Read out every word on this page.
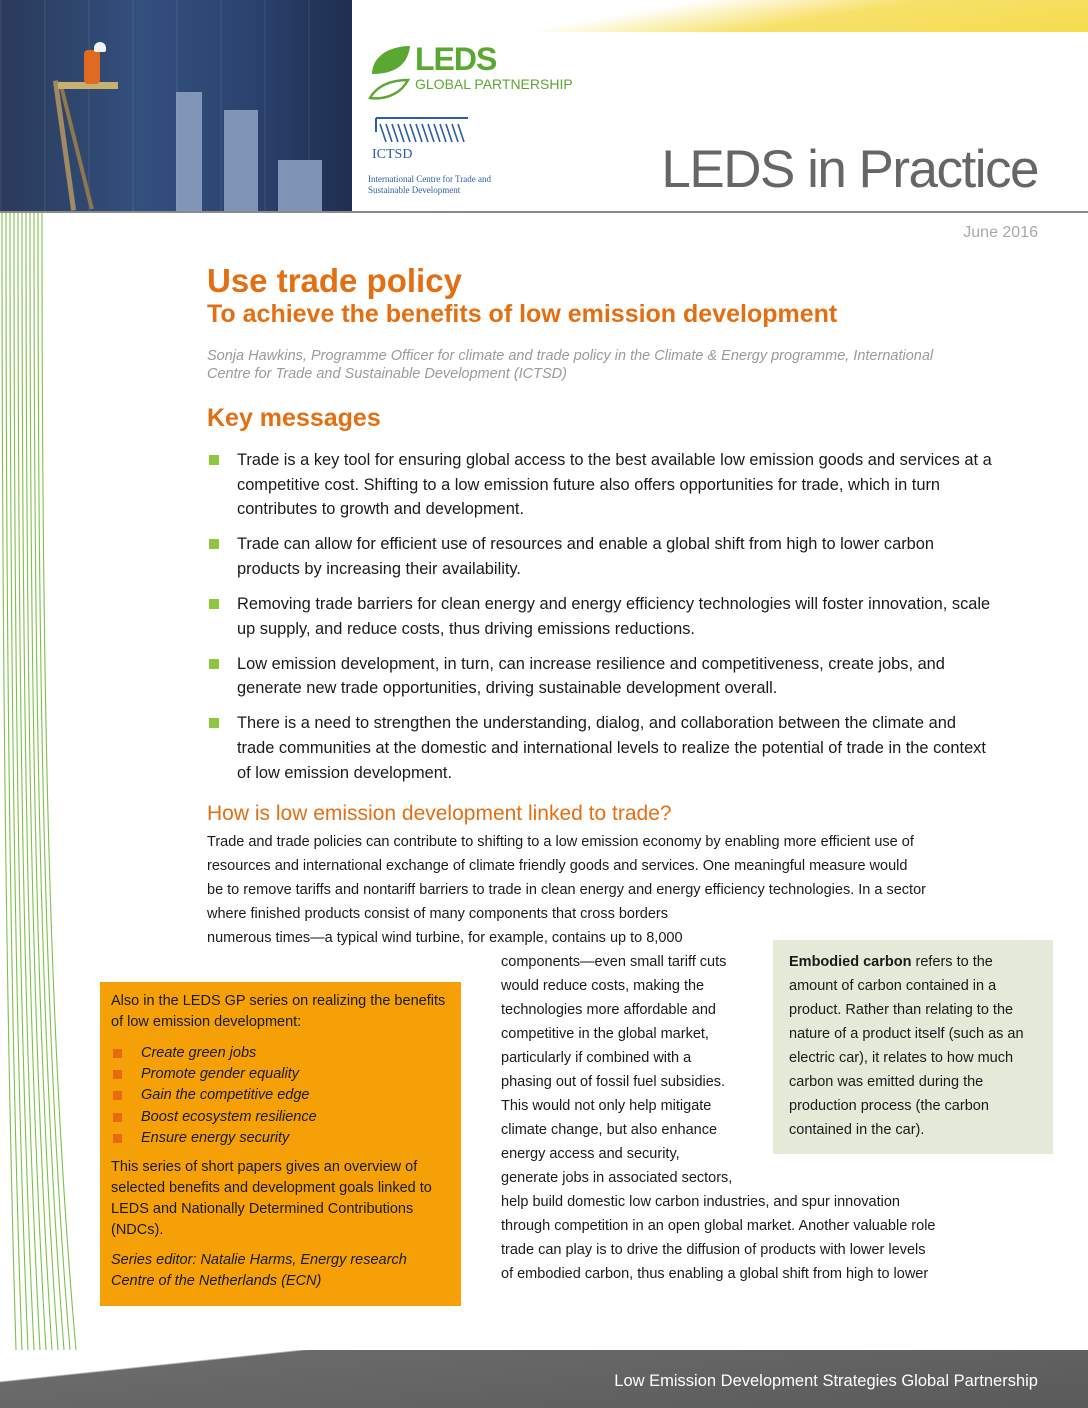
LEDS
GLOBAL PARTNERSHIP
ICTSD
International Centre for Trade and Sustainable Development	LEDS in Practice
June 2016
Use trade policy
To achieve the benefits of low emission development
Sonja Hawkins, Programme Officer for climate and trade policy in the Climate & Energy programme, International Centre for Trade and Sustainable Development (ICTSD)
Key messages
Trade is a key tool for ensuring global access to the best available low emission goods and services at a competitive cost. Shifting to a low emission future also offers opportunities for trade, which in turn contributes to growth and development.
Trade can allow for efficient use of resources and enable a global shift from high to lower carbon products by increasing their availability.
Removing trade barriers for clean energy and energy efficiency technologies will foster innovation, scale up supply, and reduce costs, thus driving emissions reductions.
Low emission development, in turn, can increase resilience and competitiveness, create jobs, and generate new trade opportunities, driving sustainable development overall.
There is a need to strengthen the understanding, dialog, and collaboration between the climate and trade communities at the domestic and international levels to realize the potential of trade in the context of low emission development.
How is low emission development linked to trade?
Trade and trade policies can contribute to shifting to a low emission economy by enabling more efficient use of
resources and international exchange of climate friendly goods and services. One meaningful measure would
be to remove tariffs and nontariff barriers to trade in clean energy and energy efficiency technologies. In a sector
where finished products consist of many components that cross borders
numerous times—a typical wind turbine, for example, contains up to 8,000
components—even small tariff cuts
would reduce costs, making the
technologies more affordable and
competitive in the global market,
particularly if combined with a
phasing out of fossil fuel subsidies.
This would not only help mitigate
climate change, but also enhance
energy access and security,
generate jobs in associated sectors,
help build domestic low carbon industries, and spur innovation
through competition in an open global market. Another valuable role
trade can play is to drive the diffusion of products with lower levels
of embodied carbon, thus enabling a global shift from high to lower
Also in the LEDS GP series on realizing the benefits of low emission development:
Create green jobs
Promote gender equality
Gain the competitive edge
Boost ecosystem resilience
Ensure energy security
This series of short papers gives an overview of selected benefits and development goals linked to LEDS and Nationally Determined Contributions (NDCs).
Series editor: Natalie Harms, Energy research Centre of the Netherlands (ECN)
Embodied carbon refers to the amount of carbon contained in a product. Rather than relating to the nature of a product itself (such as an electric car), it relates to how much carbon was emitted during the production process (the carbon contained in the car).
Low Emission Development Strategies Global Partnership
